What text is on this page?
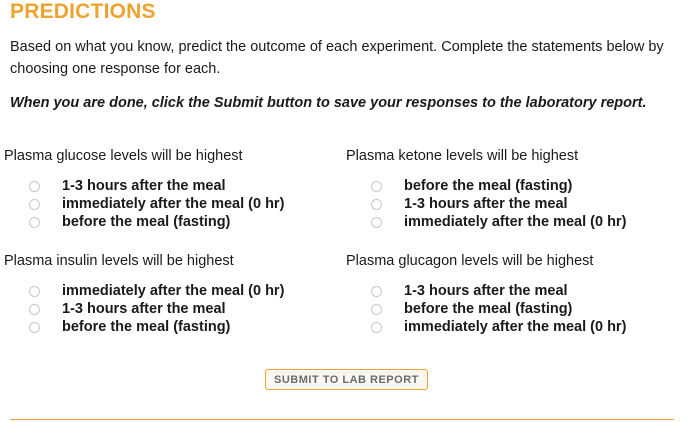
PREDICTIONS
Based on what you know, predict the outcome of each experiment. Complete the statements below by choosing one response for each.
When you are done, click the Submit button to save your responses to the laboratory report.
Plasma glucose levels will be highest
1-3 hours after the meal
immediately after the meal (0 hr)
before the meal (fasting)
Plasma ketone levels will be highest
before the meal (fasting)
1-3 hours after the meal
immediately after the meal (0 hr)
Plasma insulin levels will be highest
immediately after the meal (0 hr)
1-3 hours after the meal
before the meal (fasting)
Plasma glucagon levels will be highest
1-3 hours after the meal
before the meal (fasting)
immediately after the meal (0 hr)
SUBMIT TO LAB REPORT
